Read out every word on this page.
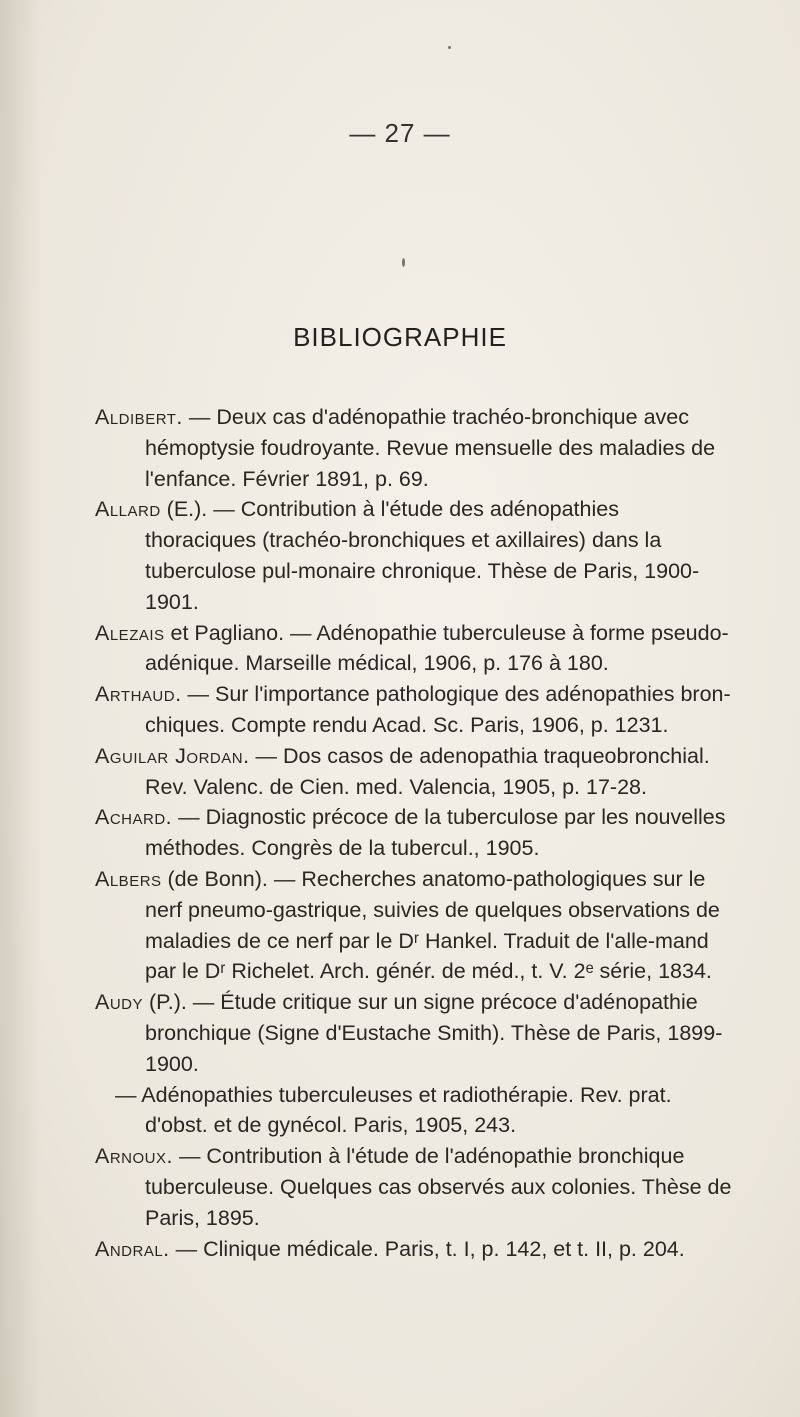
— 27 —
BIBLIOGRAPHIE
Aldibert. — Deux cas d'adénopathie trachéo-bronchique avec hémoptysie foudroyante. Revue mensuelle des maladies de l'enfance. Février 1891, p. 69.
Allard (E.). — Contribution à l'étude des adénopathies thoraciques (trachéo-bronchiques et axillaires) dans la tuberculose pul-monaire chronique. Thèse de Paris, 1900-1901.
Alezais et Pagliano. — Adénopathie tuberculeuse à forme pseudo-adénique. Marseille médical, 1906, p. 176 à 180.
Arthaud. — Sur l'importance pathologique des adénopathies bron-chiques. Compte rendu Acad. Sc. Paris, 1906, p. 1231.
Aguilar Jordan. — Dos casos de adenopathia traqueobronchial. Rev. Valenc. de Cien. med. Valencia, 1905, p. 17-28.
Achard. — Diagnostic précoce de la tuberculose par les nouvelles méthodes. Congrès de la tubercul., 1905.
Albers (de Bonn). — Recherches anatomo-pathologiques sur le nerf pneumo-gastrique, suivies de quelques observations de maladies de ce nerf par le Dʳ Hankel. Traduit de l'alle-mand par le Dʳ Richelet. Arch. génér. de méd., t. V. 2ᵉ série, 1834.
Audy (P.). — Étude critique sur un signe précoce d'adénopathie bronchique (Signe d'Eustache Smith). Thèse de Paris, 1899-1900.
— Adénopathies tuberculeuses et radiothérapie. Rev. prat. d'obst. et de gynécol. Paris, 1905, 243.
Arnoux. — Contribution à l'étude de l'adénopathie bronchique tuberculeuse. Quelques cas observés aux colonies. Thèse de Paris, 1895.
Andral. — Clinique médicale. Paris, t. I, p. 142, et t. II, p. 204.
